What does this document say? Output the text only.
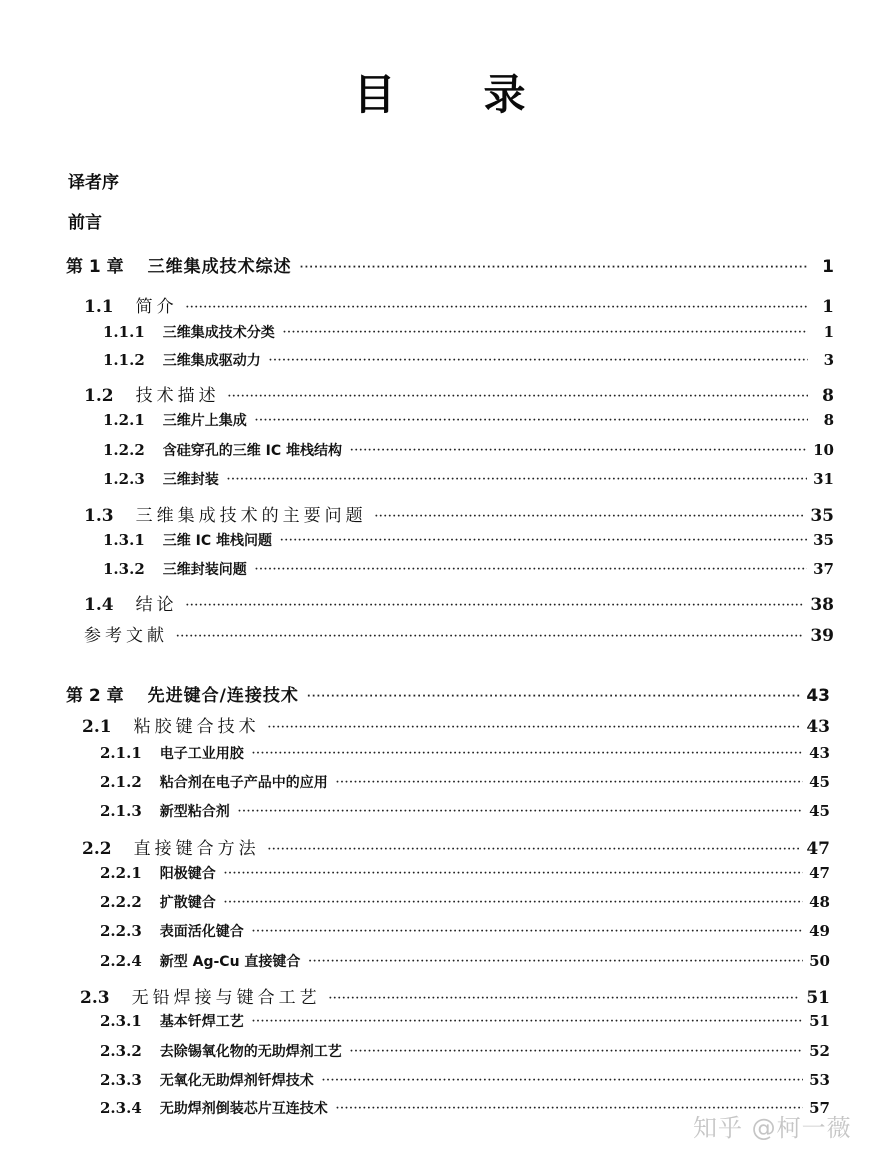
目录
译者序
前言
第 1 章 三维集成技术综述 ·····	1
1.1 简介 ·····	1
1.1.1 三维集成技术分类 ·····	1
1.1.2 三维集成驱动力 ·····	3
1.2 技术描述 ·····	8
1.2.1 三维片上集成 ·····	8
1.2.2 含硅穿孔的三维 IC 堆栈结构 ·····	10
1.2.3 三维封装 ·····	31
1.3 三维集成技术的主要问题 ·····	35
1.3.1 三维 IC 堆栈问题 ·····	35
1.3.2 三维封装问题 ·····	37
1.4 结论 ·····	38
参考文献 ·····	39
第 2 章 先进键合/连接技术 ·····	43
2.1 粘胶键合技术 ·····	43
2.1.1 电子工业用胶 ·····	43
2.1.2 粘合剂在电子产品中的应用 ·····	45
2.1.3 新型粘合剂 ·····	45
2.2 直接键合方法 ·····	47
2.2.1 阳极键合 ·····	47
2.2.2 扩散键合 ·····	48
2.2.3 表面活化键合 ·····	49
2.2.4 新型 Ag-Cu 直接键合 ·····	50
2.3 无铅焊接与键合工艺 ·····	51
2.3.1 基本钎焊工艺 ·····	51
2.3.2 去除锡氧化物的无助焊剂工艺 ·····	52
2.3.3 无氧化无助焊剂钎焊技术 ·····	53
2.3.4 无助焊剂倒装芯片互连技术 ·····	57
知乎 @柯一薇
